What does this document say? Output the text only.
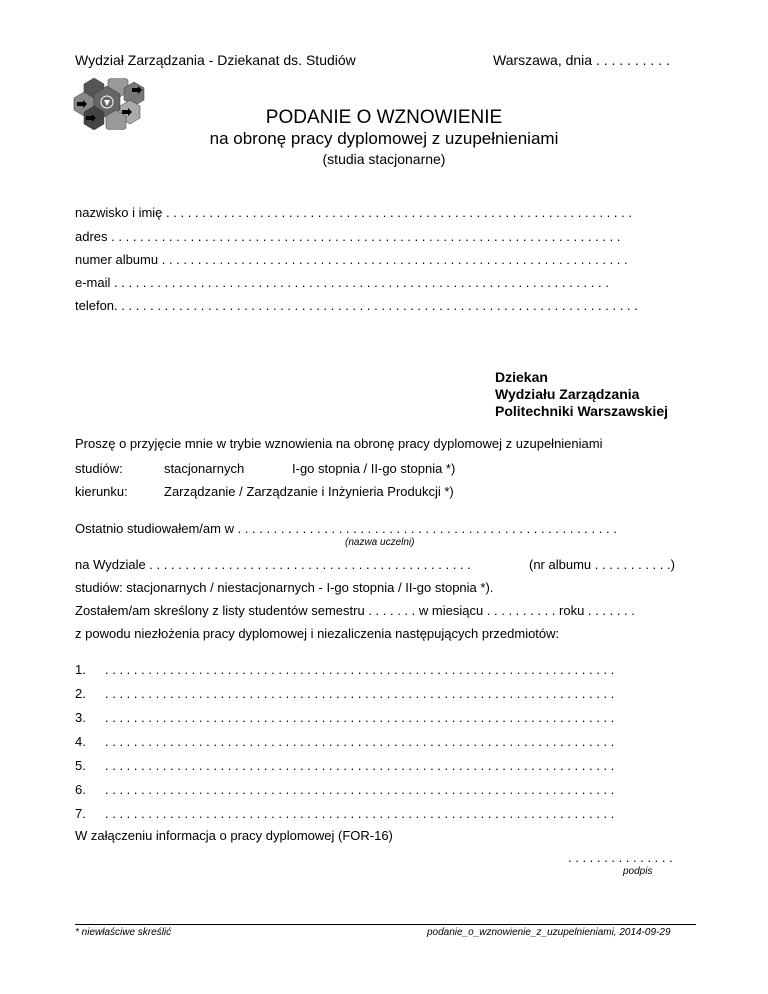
Wydział Zarządzania - Dziekanat ds. Studiów	Warszawa, dnia . . . . . . . . . .
PODANIE O WZNOWIENIE
na obronę pracy dyplomowej z uzupełnieniami
(studia stacjonarne)
nazwisko i imię . . . . . . . . . . . . . . . . . . . . . . . . . . . . . . . . . . . . . . . . . . . . . . . . . . . . . . . . . . . . . . . . .
adres . . . . . . . . . . . . . . . . . . . . . . . . . . . . . . . . . . . . . . . . . . . . . . . . . . . . . . . . . . . . . . . . . . . . . . .
numer albumu . . . . . . . . . . . . . . . . . . . . . . . . . . . . . . . . . . . . . . . . . . . . . . . . . . . . . . . . . . . . . . . . .
e-mail . . . . . . . . . . . . . . . . . . . . . . . . . . . . . . . . . . . . . . . . . . . . . . . . . . . . . . . . . . . . . . . . . . . . .
telefon. . . . . . . . . . . . . . . . . . . . . . . . . . . . . . . . . . . . . . . . . . . . . . . . . . . . . . . . . . . . . . . . . . . . . . . . .
Dziekan
Wydziału Zarządzania
Politechniki Warszawskiej
Proszę o przyjęcie mnie w trybie wznowienia na obronę pracy dyplomowej z uzupełnieniami
studiów:	stacjonarnych	I-go stopnia / II-go stopnia *)
kierunku:	Zarządzanie / Zarządzanie i Inżynieria Produkcji *)
Ostatnio studiowałem/am w . . . . . . . . . . . . . . . . . . . . . . . . . . . . . . . . . . . . . . . . . . . . . . . . . . . . .
(nazwa uczelni)
na Wydziale . . . . . . . . . . . . . . . . . . . . . . . . . . . . . . . . . . . . . . . . . . . . .	(nr albumu . . . . . . . . . . .)
studiów: stacjonarnych / niestacjonarnych - I-go stopnia / II-go stopnia *).
Zostałem/am skreślony z listy studentów semestru . . . . . . . w miesiącu . . . . . . . . . . roku . . . . . . .
z powodu niezłożenia pracy dyplomowej i niezaliczenia następujących przedmiotów:
1. . . . . . . . . . . . . . . . . . . . . . . . . . . . . . . . . . . . . . . . . . . . . . . . . . . . . . . . . . . . . . . . . . . . . . . .
2. . . . . . . . . . . . . . . . . . . . . . . . . . . . . . . . . . . . . . . . . . . . . . . . . . . . . . . . . . . . . . . . . . . . . . . .
3. . . . . . . . . . . . . . . . . . . . . . . . . . . . . . . . . . . . . . . . . . . . . . . . . . . . . . . . . . . . . . . . . . . . . . . .
4. . . . . . . . . . . . . . . . . . . . . . . . . . . . . . . . . . . . . . . . . . . . . . . . . . . . . . . . . . . . . . . . . . . . . . . .
5. . . . . . . . . . . . . . . . . . . . . . . . . . . . . . . . . . . . . . . . . . . . . . . . . . . . . . . . . . . . . . . . . . . . . . . .
6. . . . . . . . . . . . . . . . . . . . . . . . . . . . . . . . . . . . . . . . . . . . . . . . . . . . . . . . . . . . . . . . . . . . . . . .
7. . . . . . . . . . . . . . . . . . . . . . . . . . . . . . . . . . . . . . . . . . . . . . . . . . . . . . . . . . . . . . . . . . . . . . . .
W załączeniu informacja o pracy dyplomowej (FOR-16)
. . . . . . . . . . . . . . .
podpis
* niewłaściwe skreślić	podanie_o_wznowienie_z_uzupelnieniami, 2014-09-29
